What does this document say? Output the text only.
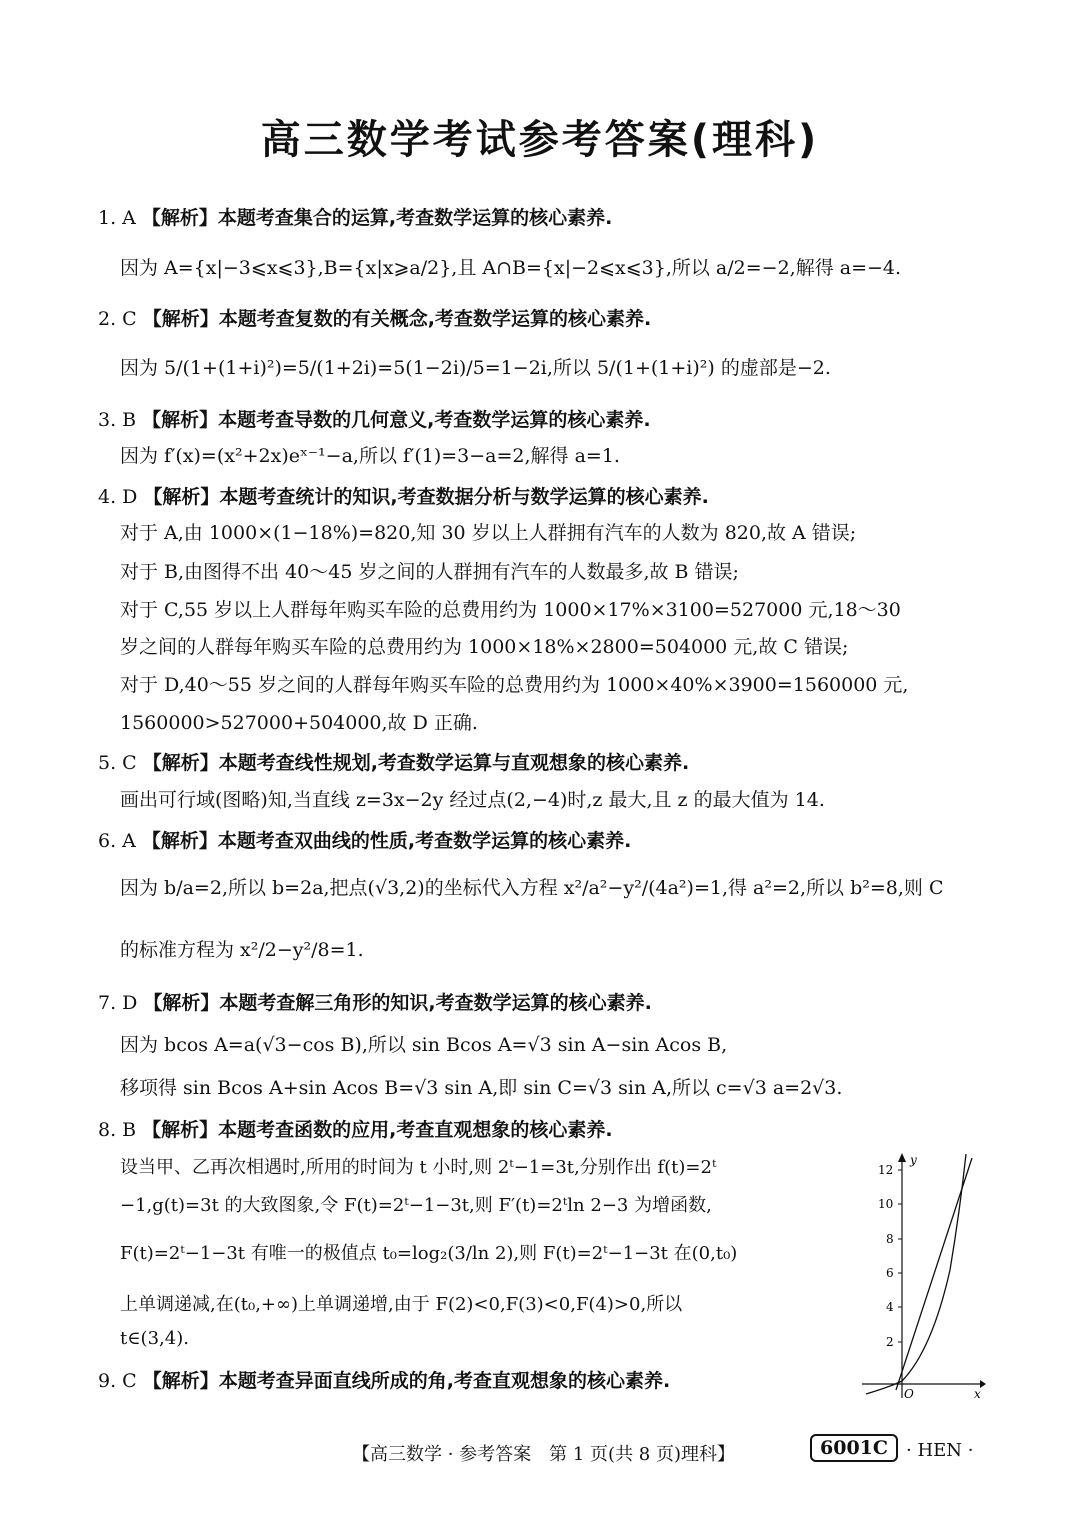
高三数学考试参考答案(理科)
1. A 【解析】本题考查集合的运算,考查数学运算的核心素养.
因为 A={x|−3⩽x⩽3},B={x|x⩾a/2},且 A∩B={x|−2⩽x⩽3},所以 a/2=−2,解得 a=−4.
2. C 【解析】本题考查复数的有关概念,考查数学运算的核心素养.
因为 5/(1+(1+i)²)=5/(1+2i)=5(1−2i)/5=1−2i,所以 5/(1+(1+i)²) 的虚部是−2.
3. B 【解析】本题考查导数的几何意义,考查数学运算的核心素养.
因为 f′(x)=(x²+2x)eˣ⁻¹−a,所以 f′(1)=3−a=2,解得 a=1.
4. D 【解析】本题考查统计的知识,考查数据分析与数学运算的核心素养.
对于 A,由 1000×(1−18%)=820,知 30 岁以上人群拥有汽车的人数为 820,故 A 错误;
对于 B,由图得不出 40～45 岁之间的人群拥有汽车的人数最多,故 B 错误;
对于 C,55 岁以上人群每年购买车险的总费用约为 1000×17%×3100=527000 元,18～30
岁之间的人群每年购买车险的总费用约为 1000×18%×2800=504000 元,故 C 错误;
对于 D,40～55 岁之间的人群每年购买车险的总费用约为 1000×40%×3900=1560000 元,
1560000>527000+504000,故 D 正确.
5. C 【解析】本题考查线性规划,考查数学运算与直观想象的核心素养.
画出可行域(图略)知,当直线 z=3x−2y 经过点(2,−4)时,z 最大,且 z 的最大值为 14.
6. A 【解析】本题考查双曲线的性质,考查数学运算的核心素养.
因为 b/a=2,所以 b=2a,把点(√3,2)的坐标代入方程 x²/a²−y²/(4a²)=1,得 a²=2,所以 b²=8,则 C
的标准方程为 x²/2−y²/8=1.
7. D 【解析】本题考查解三角形的知识,考查数学运算的核心素养.
因为 bcos A=a(√3−cos B),所以 sin Bcos A=√3 sin A−sin Acos B,
移项得 sin Bcos A+sin Acos B=√3 sin A,即 sin C=√3 sin A,所以 c=√3 a=2√3.
8. B 【解析】本题考查函数的应用,考查直观想象的核心素养.
设当甲、乙再次相遇时,所用的时间为 t 小时,则 2ᵗ−1=3t,分别作出 f(t)=2ᵗ
−1,g(t)=3t 的大致图象,令 F(t)=2ᵗ−1−3t,则 F′(t)=2ᵗln 2−3 为增函数,
F(t)=2ᵗ−1−3t 有唯一的极值点 t₀=log₂(3/ln 2),则 F(t)=2ᵗ−1−3t 在(0,t₀)
上单调递减,在(t₀,+∞)上单调递增,由于 F(2)<0,F(3)<0,F(4)>0,所以
t∈(3,4).
9. C 【解析】本题考查异面直线所成的角,考查直观想象的核心素养.
y
x
O
12
10
8
6
4
2
【高三数学 · 参考答案　第 1 页(共 8 页)理科】	6001C · HEN ·
